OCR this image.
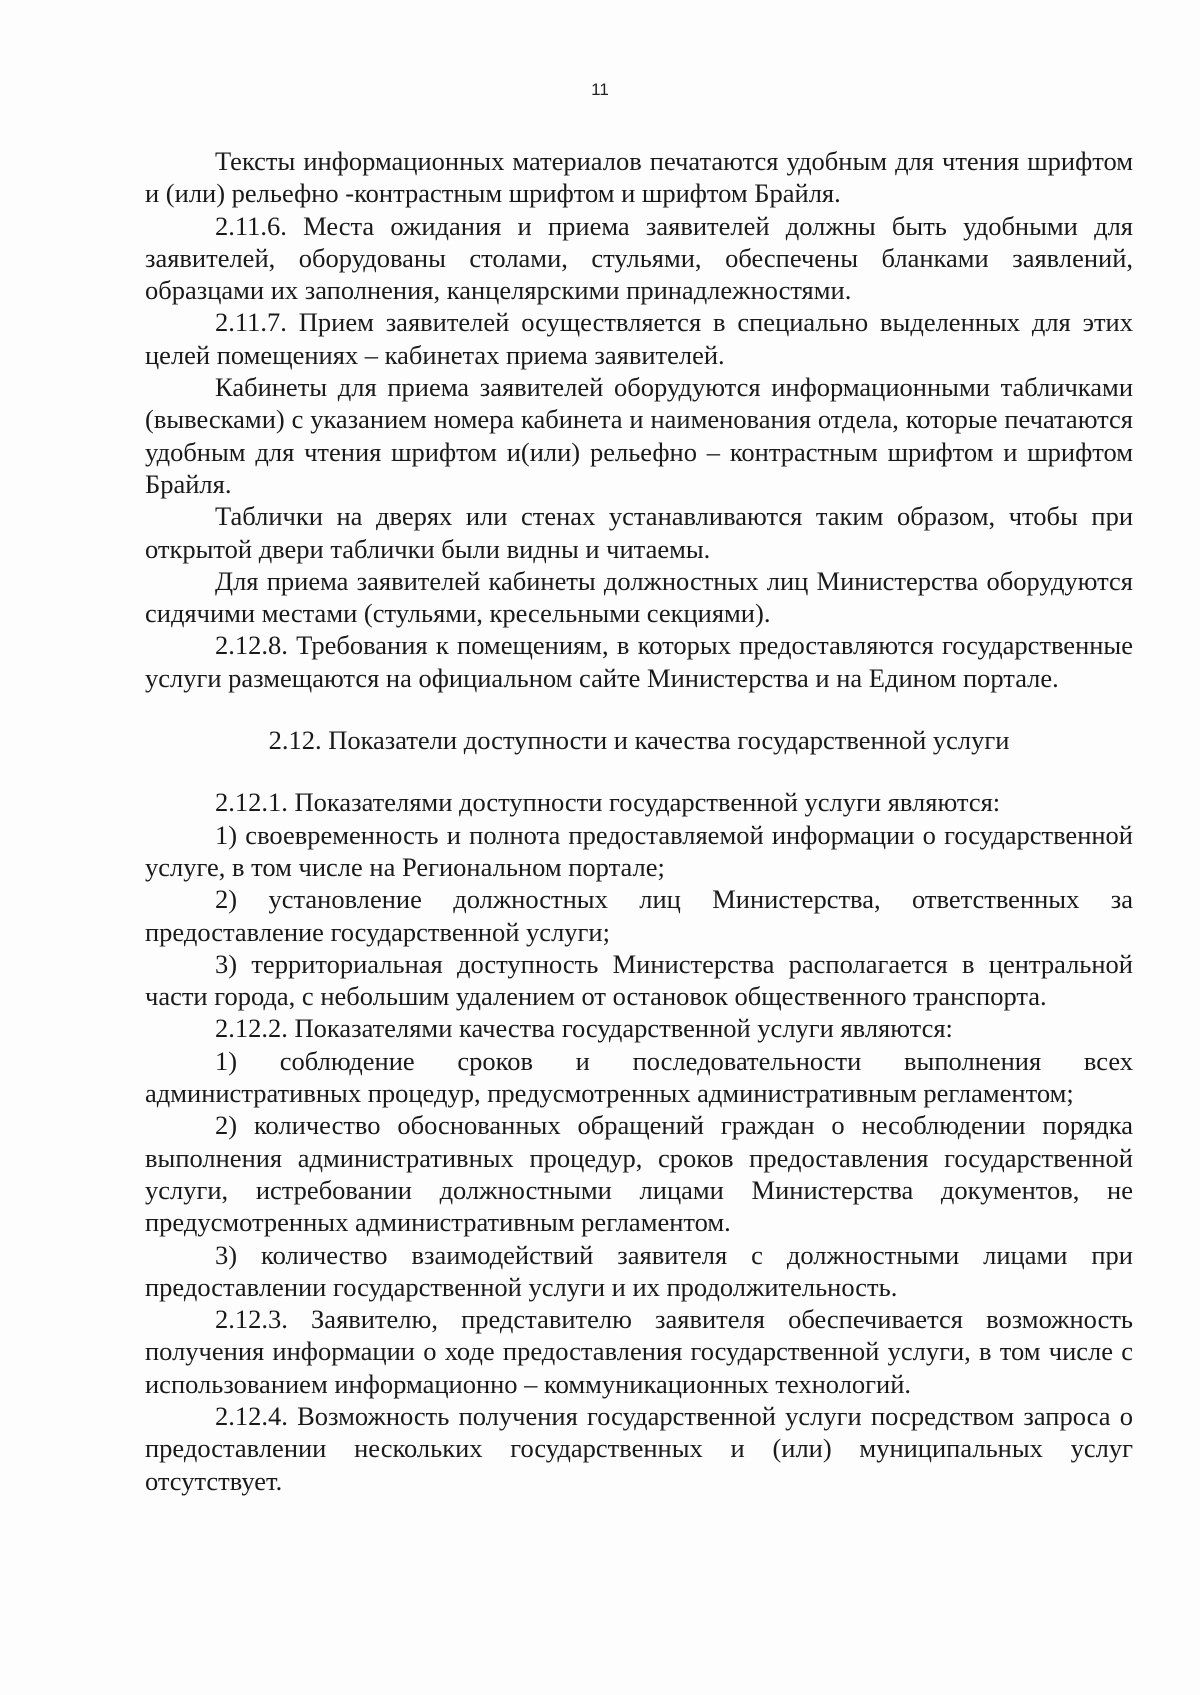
11

Тексты информационных материалов печатаются удобным для чтения шрифтом и (или) рельефно -контрастным шрифтом и шрифтом Брайля.

2.11.6. Места ожидания и приема заявителей должны быть удобными для заявителей, оборудованы столами, стульями, обеспечены бланками заявлений, образцами их заполнения, канцелярскими принадлежностями.

2.11.7. Прием заявителей осуществляется в специально выделенных для этих целей помещениях – кабинетах приема заявителей.

Кабинеты для приема заявителей оборудуются информационными табличками (вывесками) с указанием номера кабинета и наименования отдела, которые печатаются удобным для чтения шрифтом и(или) рельефно – контрастным шрифтом и шрифтом Брайля.

Таблички на дверях или стенах устанавливаются таким образом, чтобы при открытой двери таблички были видны и читаемы.

Для приема заявителей кабинеты должностных лиц Министерства оборудуются сидячими местами (стульями, кресельными секциями).

2.12.8. Требования к помещениям, в которых предоставляются государственные услуги размещаются на официальном сайте Министерства и на Едином портале.

2.12. Показатели доступности и качества государственной услуги

2.12.1. Показателями доступности государственной услуги являются:

1) своевременность и полнота предоставляемой информации о государственной услуге, в том числе на Региональном портале;

2) установление должностных лиц Министерства, ответственных за предоставление государственной услуги;

3) территориальная доступность Министерства располагается в центральной части города, с небольшим удалением от остановок общественного транспорта.

2.12.2. Показателями качества государственной услуги являются:

1) соблюдение сроков и последовательности выполнения всех административных процедур, предусмотренных административным регламентом;

2) количество обоснованных обращений граждан о несоблюдении порядка выполнения административных процедур, сроков предоставления государственной услуги, истребовании должностными лицами Министерства документов, не предусмотренных административным регламентом.

3) количество взаимодействий заявителя с должностными лицами при предоставлении государственной услуги и их продолжительность.

2.12.3. Заявителю, представителю заявителя обеспечивается возможность получения информации о ходе предоставления государственной услуги, в том числе с использованием информационно – коммуникационных технологий.

2.12.4. Возможность получения государственной услуги посредством запроса о предоставлении нескольких государственных и (или) муниципальных услуг отсутствует.
